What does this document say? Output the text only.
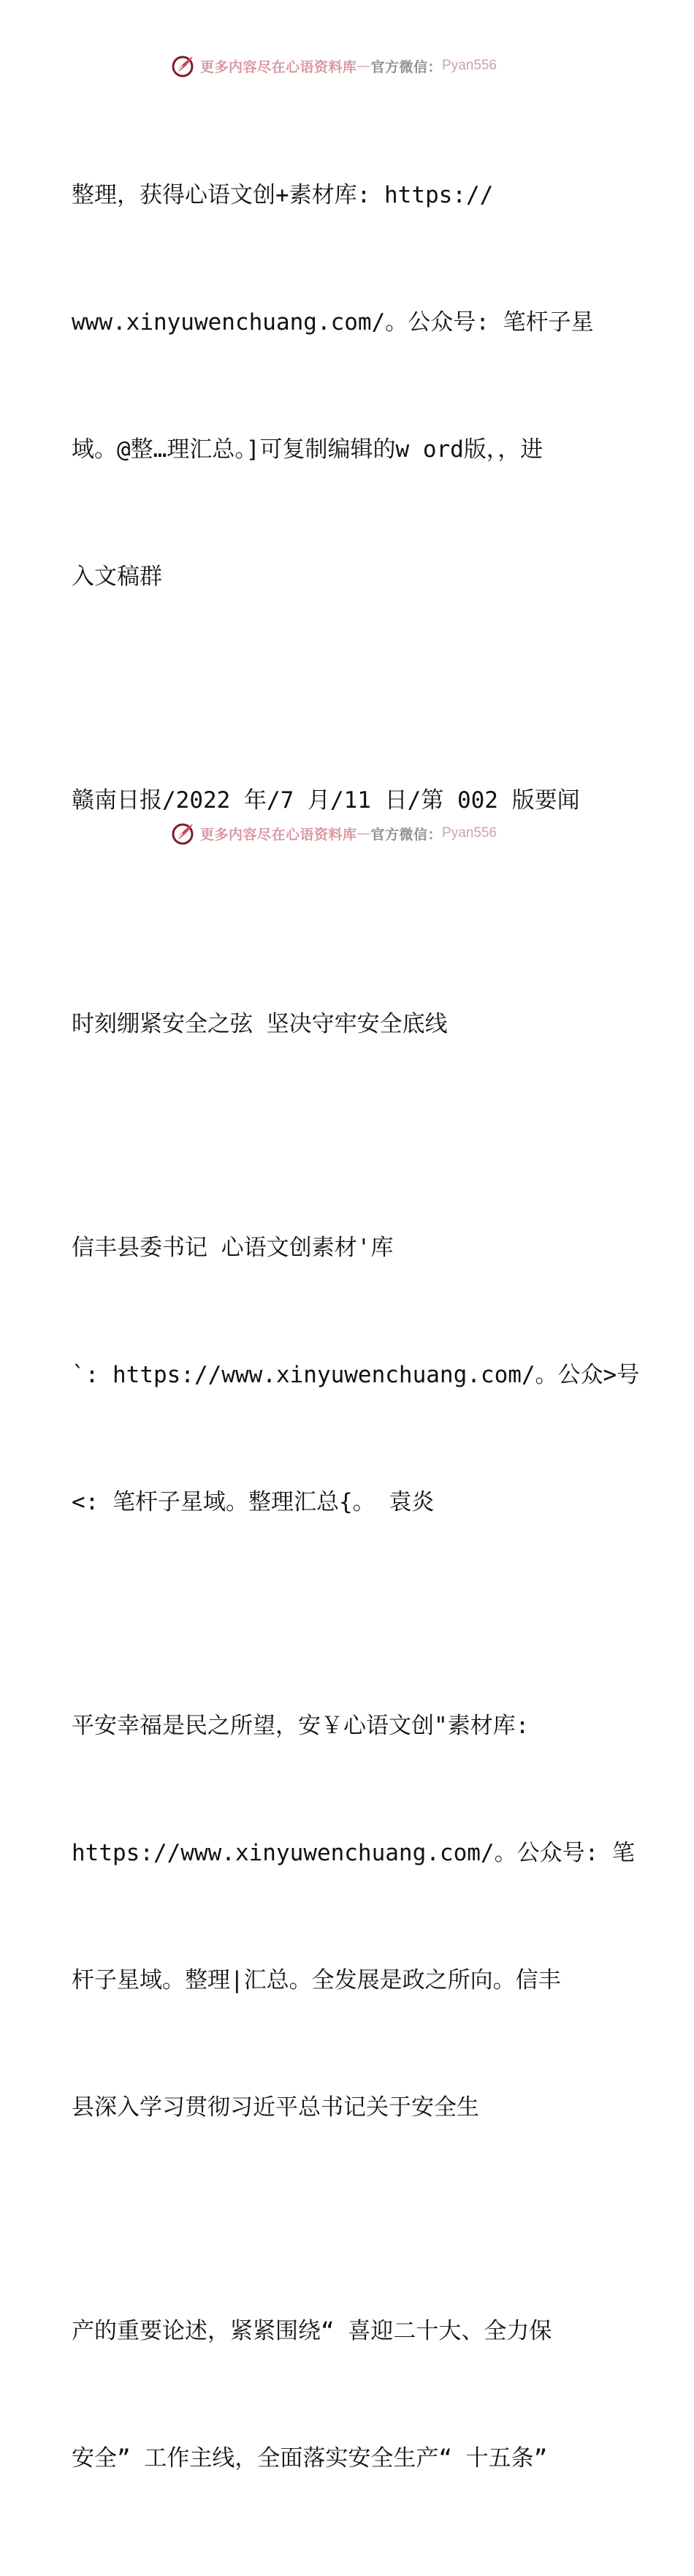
更多内容尽在心语资料库 — 官方微信： Pyan556

整理，获得心语文创+素材库: https://

www.xinyuwenchuang.com/。公众号: 笔杆子星

域。@整…理汇总。]可复制编辑的w ord版，，进

入文稿群

赣南日报/2022 年/7 月/11 日/第 002 版要闻

时刻绷紧安全之弦 坚决守牢安全底线

信丰县委书记 心语文创素材'库

`: https://www.xinyuwenchuang.com/。公众>号

<: 笔杆子星域。整理汇总{。 袁炎

平安幸福是民之所望，安￥心语文创"素材库:

https://www.xinyuwenchuang.com/。公众号: 笔

杆子星域。整理|汇总。全发展是政之所向。信丰

县深入学习贯彻习近平总书记关于安全生

产的重要论述，紧紧围绕“ 喜迎二十大、全力保

安全” 工作主线，全面落实安全生产“ 十五条”

更多内容尽在心语资料库 — 官方微信： Pyan556
